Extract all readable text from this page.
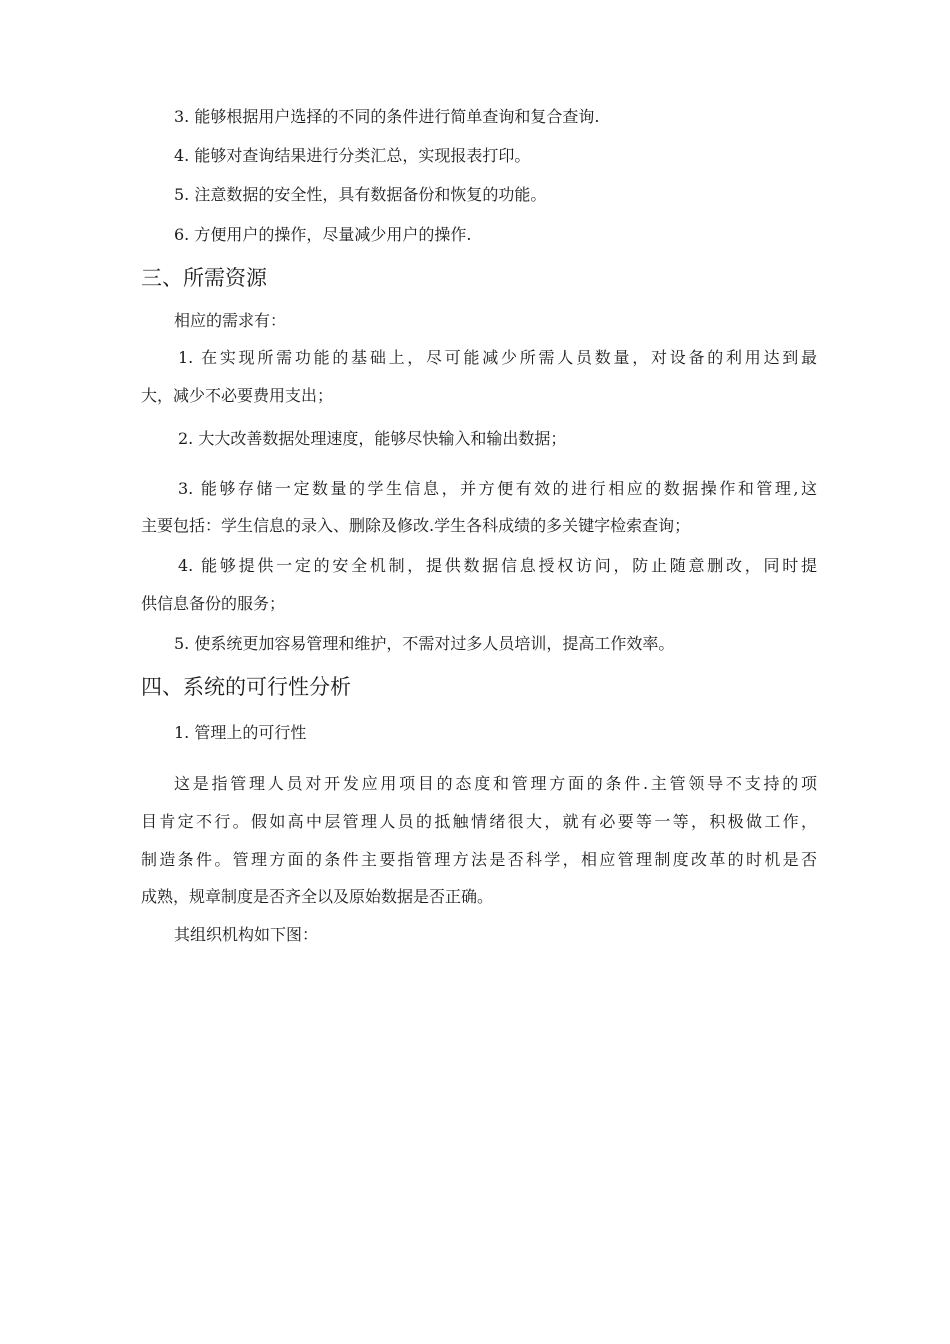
3. 能够根据用户选择的不同的条件进行简单查询和复合查询.
4. 能够对查询结果进行分类汇总，实现报表打印。
5. 注意数据的安全性，具有数据备份和恢复的功能。
6. 方便用户的操作，尽量减少用户的操作.
三、所需资源
相应的需求有：
1. 在实现所需功能的基础上，尽可能减少所需人员数量，对设备的利用达到最
大，减少不必要费用支出；
2. 大大改善数据处理速度，能够尽快输入和输出数据；
3. 能够存储一定数量的学生信息，并方便有效的进行相应的数据操作和管理,这
主要包括：学生信息的录入、删除及修改.学生各科成绩的多关键字检索查询；
4. 能够提供一定的安全机制，提供数据信息授权访问，防止随意删改，同时提
供信息备份的服务；
5. 使系统更加容易管理和维护，不需对过多人员培训，提高工作效率。
四、系统的可行性分析
1. 管理上的可行性
这是指管理人员对开发应用项目的态度和管理方面的条件.主管领导不支持的项
目肯定不行。假如高中层管理人员的抵触情绪很大，就有必要等一等，积极做工作，
制造条件。管理方面的条件主要指管理方法是否科学，相应管理制度改革的时机是否
成熟，规章制度是否齐全以及原始数据是否正确。
其组织机构如下图：
